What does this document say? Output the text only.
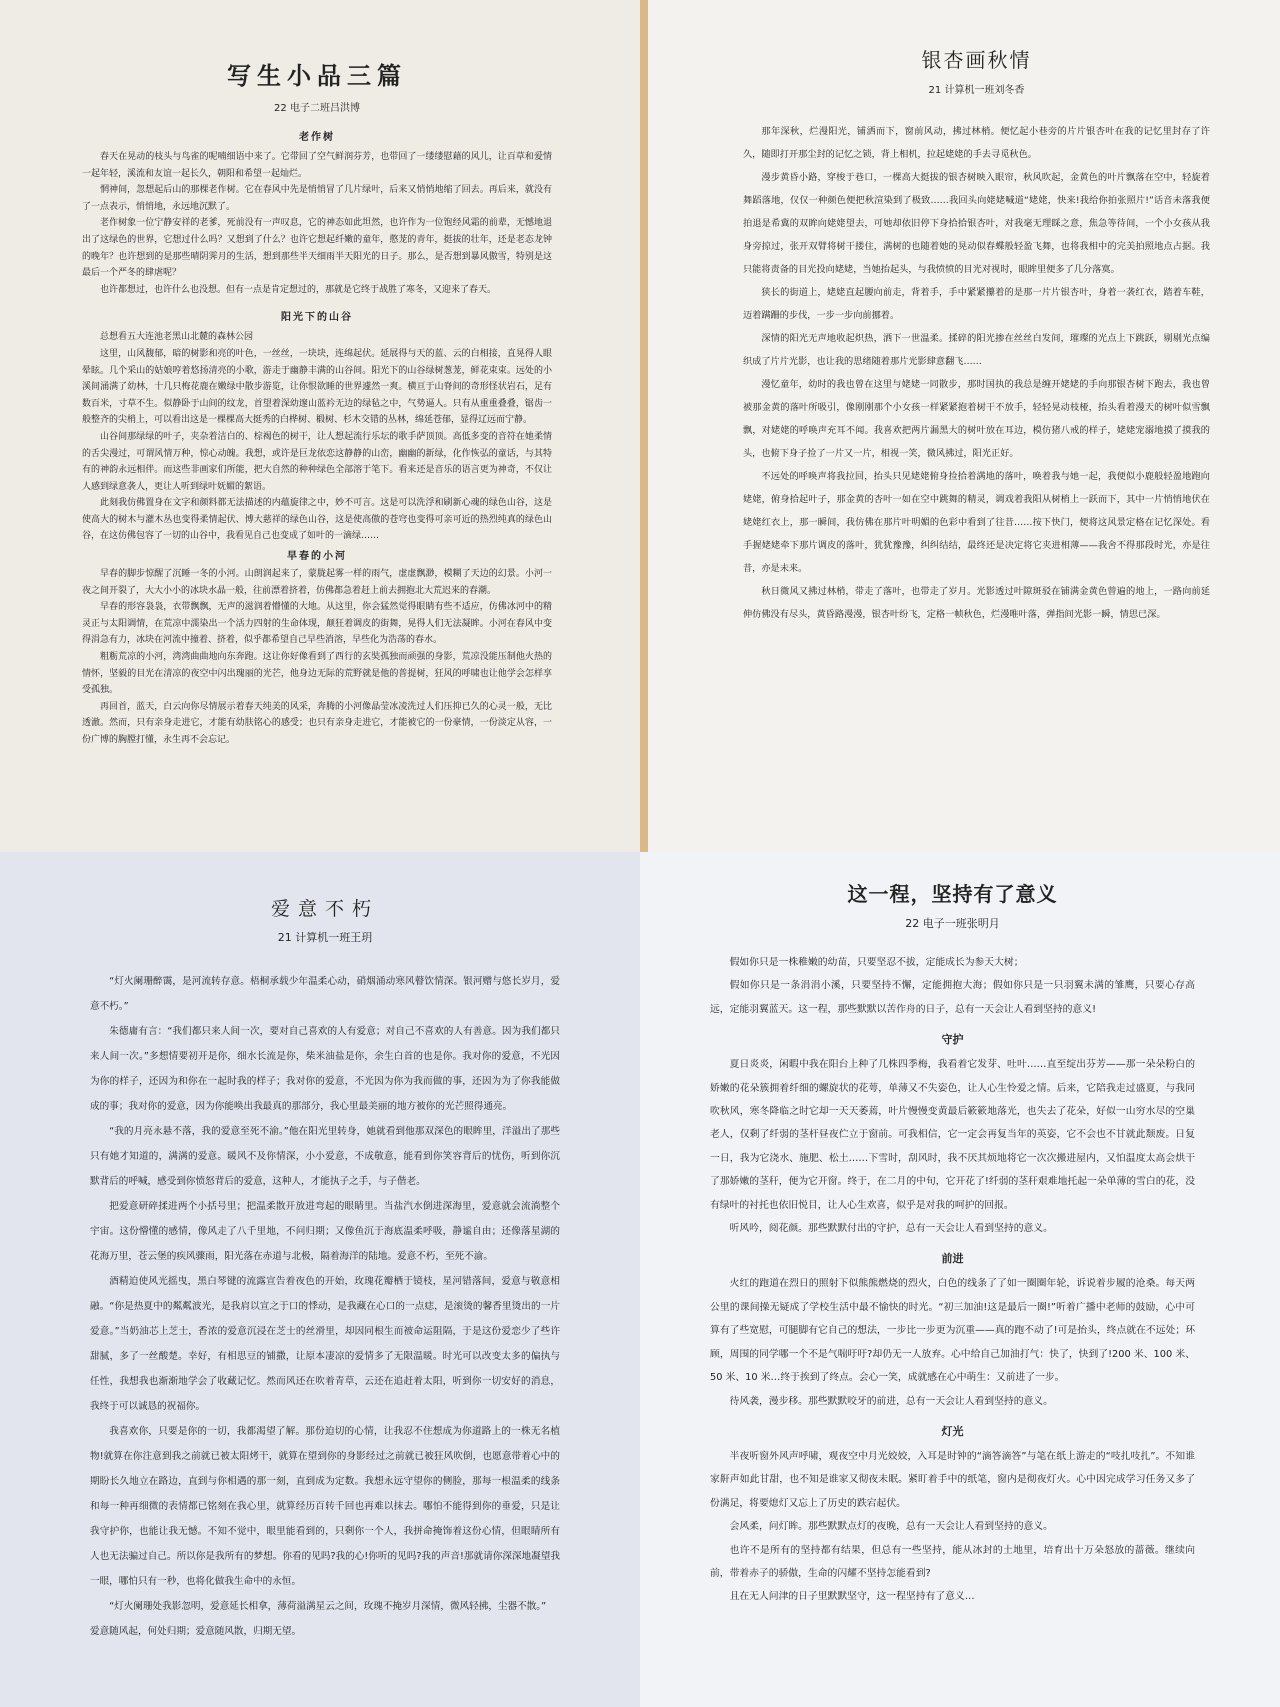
写生小品三篇
22 电子二班吕洪博
老作树

春天在晃动的枝头与鸟雀的呢喃细语中来了。它带回了空气鲜润芬芳，也带回了一缕缕慰藉的风儿，让百草和爱情一起年轻，溪流和友谊一起长久，朝阳和希望一起灿烂。

惘神间，忽想起后山的那棵老作树。它在春风中先是悄悄冒了几片绿叶，后来又悄悄地缩了回去。再后来，就没有了一点表示，悄悄地，永远地沉默了。

老作树象一位宁静安祥的老爹，死前没有一声叹息，它的神态如此坦然，也许作为一位饱经风霜的前辈，无憾地退出了这绿色的世界，它想过什么吗？又想到了什么？也许它想起纤嫩的童年，憨茏的青年，挺拔的壮年，还是老态龙钟的晚年？也许想到的是那些晴阴霁月的生活，想到那些半天细雨半天阳光的日子。那么，是否想到暴风傲雪，特别是这最后一个严冬的肆虐呢？

也许都想过，也许什么也没想。但有一点是肯定想过的，那就是它终于战胜了寒冬，又迎来了春天。

阳光下的山谷

总想看五大连池老黑山北麓的森林公园

这里，山风馥郁，暗的树影和亮的叶色，一丝丝，一块块，连绵起伏。延展得与天的蓝、云的白相接，直晃得人眼晕眩。几个采山的姑娘哼着悠扬清亮的小歌，游走于幽静丰满的山谷间。阳光下的山谷绿树葱茏，鲜花束束。远处的小溪间涌满了幼林，十几只梅花鹿在嫩绿中散步游览，让你恨欲睡的世界遽然一爽。横亘于山脊间的奇形怪状岩石，足有数百米，寸草不生。似静卧于山间的纹龙，首望着深幼邃山蓝衿无边的绿毡之中，气势逼人。只有从重重叠叠，锯齿一般整齐的尖梢上，可以看出这是一棵棵高大挺秀的白桦树、椴树、杉木交错的丛林，绵延苍郁，显得辽远而宁静。

山谷间那绿绿的叶子，夹杂着洁白的、棕褐色的树干，让人想起流行乐坛的歌手萨顶顶。高低多变的音符在她柔情的舌尖漫过，可谓风情万种，惊心动魄。我想，或许是巨龙依恋这静静的山峦，幽幽的新绿，化作恢弘的童话，与其特有的神韵永远相伴。而这些非画家们所能，把大自然的种种绿色全部溶于笔下。看来还是音乐的语言更为神奇，不仅让人感到绿意袭人，更让人听到绿叶妩媚的絮语。

此刻我仿佛置身在文字和颜料都无法描述的内蕴旋律之中，妙不可言。这是可以洗浮和刷新心魂的绿色山谷，这是使高大的树木与灌木丛也变得柔情起伏、博大慈祥的绿色山谷，这是使高傲的苍穹也变得可亲可近的热烈纯真的绿色山谷，在这仿佛包容了一切的山谷中，我看见自己也变成了如叶的一滴绿……

早春的小河

早春的脚步惊醒了沉睡一冬的小河。山朗润起来了，蒙胧起雾一样的雨气，虚虚飘渺，模糊了天边的幻景。小河一夜之间开裂了，大大小小的冰块水晶一般，往前漂着挤着，仿佛都急着赶上前去拥抱北大荒迟来的春潮。

早春的形容袅袅，衣带飘飘，无声的滋润着懵懂的大地。从这里，你会猛然觉得眼睛有些不适应，仿佛冰河中的精灵正与太阳调情，在荒凉中濡染出一个活力四射的生命体现，颠狂着调皮的街舞，晃得人们无法凝眸。小河在春风中变得涓急有力，冰块在河流中撞着、挤着，似乎都希望自己早些消溶，早些化为浩荡的春水。

粗粝荒凉的小河，湾湾曲曲地向东奔跑。这让你好像看到了西行的玄奘孤独而顽强的身影，荒凉没能压制他火热的情怀，坚毅的目光在清凉的夜空中闪出瑰丽的光芒，他身边无际的荒野就是他的普提树，狂风的呼啸也让他学会怎样享受孤独。

再回首，蓝天，白云向你尽情展示着春天纯美的风采，奔腾的小河像晶莹冰凌洗过人们压抑已久的心灵一般，无比透澈。然而，只有亲身走进它，才能有幼肤铭心的感受；也只有亲身走进它，才能被它的一份豪情，一份淡定从容，一份广博的胸膛打懂，永生再不会忘记。

银杏画秋情
21 计算机一班刘冬香

那年深秋，烂漫阳光，铺洒而下，窗前风动，拂过林梢。便忆起小巷旁的片片银杏叶在我的记忆里封存了许久，随即打开那尘封的记忆之锁，背上相机，拉起姥姥的手去寻觅秋色。

漫步黄昏小路，穿梭于巷口，一棵高大挺拔的银杏树映入眼帘，秋风吹起，金黄色的叶片飘落在空中，轻旋着舞蹈落地，仅仅一种颜色便把秋渲染到了极致……我回头向姥姥喊道“姥姥，快来!我给你拍张照片!”话音未落我便拍退是希冀的双眸向姥姥望去，可她却依旧停下身拾拾银杏叶，对我毫无理睬之意，焦急等待间，一个小女孩从我身旁掠过，张开双臂将树干搂住，满树的也随着她的晃动似春蝶般轻盈飞舞，也将我相中的完美拍照地点占据。我只能将责备的目光投向姥姥，当她抬起头，与我愤愤的目光对视时，眼眸里便多了几分落寞。

狭长的街道上，姥姥直起腰向前走，背着手，手中紧紧攥着的是那一片片银杏叶，身着一袭红衣，踏着车鞋，迈着蹒跚的步伐，一步一步向前挪着。

深情的阳光无声地收起炽热，洒下一世温柔。揉碎的阳光掺在丝丝白发间，璀璨的光点上下跳跃，剔剔光点编织成了片片光影，也让我的思绪随着那片光影肆意翻飞……

漫忆童年，幼时的我也曾在这里与姥姥一同散步，那时国执的我总是缠开姥姥的手向那银杏树下跑去，我也曾被那金黄的落叶所吸引，像刚刚那个小女孩一样紧紧抱着树干不放手，轻轻晃动枝桠，抬头看着漫天的树叶似雪飘飘，对姥姥的呼唤声充耳不闻。我喜欢把两片漏黑大的树叶放在耳边，模仿猪八戒的样子，姥姥宠溺地摸了摸我的头，也俯下身子捡了一片又一片，相视一笑，微风拂过，阳光正好。

不远处的呼唤声将我拉回，抬头只见姥姥俯身捡拾着满地的落叶，唤着我与她一起，我便似小鹿般轻盈地跑向姥姥，俯身拾起叶子，那金黄的杏叶一如在空中跳舞的精灵，调戏着我阳从树梢上一跃而下，其中一片悄悄地伏在姥姥红衣上，那一瞬间，我仿佛在那片叶明媚的色彩中看到了往昔……按下快门，便将这风景定格在记忆深处。看手握姥姥牵下那片调皮的落叶，犹犹豫豫，纠纠结结，最终还是决定将它夹进相薄——我舍不得那段时光，亦是往昔，亦是未来。

秋日微风又拂过林梢，带走了落叶，也带走了岁月。光影透过叶隙斑驳在铺满金黄色曾遍的地上，一路向前延伸仿佛没有尽头，黄昏路漫漫，银杏叶纷飞，定格一帧秋色，烂漫唯叶落，弹指间光影一瞬，情思已深。

爱意不朽
21 计算机一班王玥

“灯火阑珊醉霭，是河流转存意。梧桐承载少年温柔心动，硝烟涌动寒风瞽饮情深。银河赠与悠长岁月，爱意不朽。”

朱德庸有言：“我们都只来人间一次，要对自己喜欢的人有爱意；对自己不喜欢的人有善意。因为我们都只来人间一次。”多想情要初开是你，细水长流是你，柴米油盐是你，余生白首的也是你。我对你的爱意，不光因为你的样子，还因为和你在一起时我的样子；我对你的爱意，不光因为你为我而做的事，还因为为了你我能做成的事；我对你的爱意，因为你能唤出我最真的那部分，我心里最美丽的地方被你的光芒照得通亮。

“我的月亮永悬不落，我的爱意至死不渝。”他在阳光里转身，她就看到他那双深色的眼眸里，洋溢出了那些只有她才知道的，满满的爱意。暖风不及你情深，小小爱意，不成敬意，能看到你笑容背后的忧伤，听到你沉默背后的呼喊，感受到你愤怒背后的爱意，这种人，才能执子之手，与子偕老。

把爱意研碎揉进两个小括号里；把温柔散开放进弯起的眼睛里。当盐汽水倒进深海里，爱意就会流淌整个宇宙。这份懵懂的感情，像风走了八千里地，不问归期；又像鱼沉于海底温柔呼吸，静谧自由；还像落星湖的花海万里，苍云堡的疾风骤雨，阳光落在赤道与北极，隔着海洋的陆地。爱意不朽，至死不渝。

酒精迫使风光摇曳，黑白琴键的流露宣告着夜色的开始，玫瑰花瓣栖于镜枝，星河错落间，爱意与敬意相融。“你是热夏中的粼粼波光，是我肩以宣之于口的悸动，是我藏在心口的一点痣，是滚烫的馨香里烫出的一片爱意。”当奶油芯上芝士，香浓的爱意沉浸在芝士的丝滑里，却因同根生而被命运阻隔，于是这份爱恋少了些许甜腻，多了一丝酸楚。幸好，有相思豆的铺撒，让原本凄凉的爱情多了无限温暖。时光可以改变太多的偏执与任性，我想我也渐渐地学会了收藏记忆。然而风还在吹着青草，云还在追赶着太阳，听到你一切安好的消息，我终于可以诚恳的祝福你。

我喜欢你，只要是你的一切，我都渴望了解。那份迫切的心情，让我忍不住想成为你道路上的一株无名植物!就算在你注意到我之前就已被太阳烤干，就算在望到你的身影经过之前就已被狂风吹倒，也愿意带着心中的期盼长久地立在路边，直到与你相遇的那一刻，直到成为定数。我想永远守望你的侧脸，那每一根温柔的线条和每一种再细微的表情都已铭刻在我心里，就算经历百转千回也再难以抹去。哪怕不能得到你的垂爱，只是让我守护你，也能让我无憾。不知不觉中，眼里能看到的，只剩你一个人，我拼命掩饰着这份心情，但眼睛所有人也无法骗过自己。所以你是我所有的梦想。你看的见吗?我的心!你听的见吗?我的声音!那就请你深深地凝望我一眼，哪怕只有一秒，也将化做我生命中的永恒。

“灯火阑珊处我影忽明，爱意延长相拿，薄荷溢满星云之间，玫瑰不掩岁月深情，微风轻拂，尘器不散。”

爱意随风起，何处归期；爱意随风散，归期无望。

这一程，坚持有了意义
22 电子一班张明月

假如你只是一株稚嫩的幼苗，只要坚忍不拔，定能成长为参天大树；

假如你只是一条涓涓小溪，只要坚持不懈，定能拥抱大海；假如你只是一只羽翼未满的雏鹰，只要心存高远，定能羽翼蓝天。这一程，那些默默以苦作舟的日子，总有一天会让人看到坚持的意义!

守护

夏日炎炎，闲暇中我在阳台上种了几株四季梅，我看着它发芽、吐叶……直至绽出芬芳——那一朵朵粉白的娇嫩的花朵簇拥着纤细的螺旋状的花萼，单薄又不失姿色，让人心生怜爱之情。后来，它陪我走过盛夏，与我同吹秋风，寒冬降临之时它却一天天萎蔫，叶片慢慢变黄最后簌簌地落光，也失去了花朵，好似一山穷水尽的空巢老人，仅剩了纤弱的茎杆昼夜伫立于窗前。可我相信，它一定会再复当年的英姿，它不会也不甘就此颓废。日复一日，我为它浇水、施肥、松土……下雪时，刮风时，我不厌其烦地将它一次次搬进屋内，又怕温度太高会烘干了那娇嫩的茎秆，便为它开窗。终于，在二月的中旬，它开花了!纤弱的茎秆艰难地托起一朵单薄的雪白的花，没有绿叶的衬托也依旧悦目，让人心生欢喜，似乎是对我的呵护的回报。

听风吟，阅花颜。那些默默付出的守护，总有一天会让人看到坚持的意义。

前进

火红的跑道在烈日的照射下似熊熊燃烧的烈火，白色的线条了了如一圈圈年轮，诉说着步履的沧桑。每天两公里的课间操无疑成了学校生活中最不愉快的时光。“初三加油!这是最后一圈!”听着广播中老师的鼓励，心中可算有了些宽慰，可腿脚有它自己的想法，一步比一步更为沉重——真的跑不动了!可是抬头，终点就在不远处；环顾，周围的同学哪一个不是气喘吁吁?却仍无一人放弃。心中给自己加油打气：快了，快到了!200 米、100 米、50 米、10 米…终于挨到了终点。会心一笑，成就感在心中萌生：又前进了一步。

待风袭，漫步移。那些默默咬牙的前进，总有一天会让人看到坚持的意义。

灯光

半夜听窗外风声呼啸，观夜空中月光姣姣，入耳是时钟的“滴答滴答”与笔在纸上游走的“吱扎吱扎”。不知谁家鼾声如此甘甜，也不知是谁家又彻夜未眠。紧盯着手中的纸笔，窗内是彻夜灯火。心中因完成学习任务又多了份满足，将要熄灯又忘上了历史的跌宕起伏。

会风柔，问灯眸。那些默默点灯的夜晚，总有一天会让人看到坚持的意义。

也许不是所有的坚持都有结果，但总有一些坚持，能从冰封的土地里，培育出十万朵怒放的蔷薇。继续向前，带着赤子的骄傲，生命的闪耀不坚持怎能看到?

且在无人问津的日子里默默坚守，这一程坚持有了意义…
